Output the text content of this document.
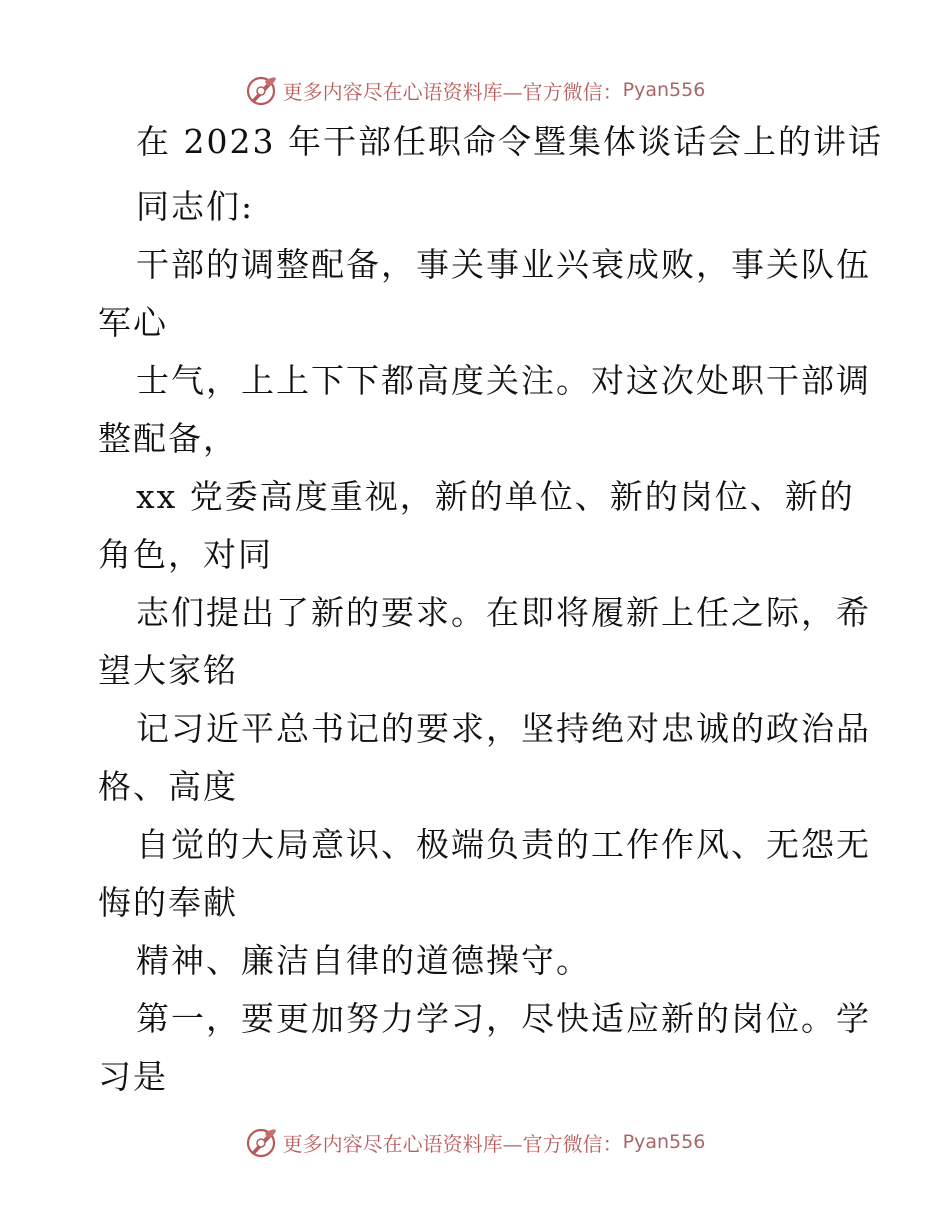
更多内容尽在心语资料库—官方微信： Pyan556
在 2023 年干部任职命令暨集体谈话会上的讲话
同志们:
干部的调整配备，事关事业兴衰成败，事关队伍
军心
士气，上上下下都高度关注。对这次处职干部调
整配备，
xx 党委高度重视，新的单位、新的岗位、新的
角色，对同
志们提出了新的要求。在即将履新上任之际，希
望大家铭
记习近平总书记的要求，坚持绝对忠诚的政治品
格、高度
自觉的大局意识、极端负责的工作作风、无怨无
悔的奉献
精神、廉洁自律的道德操守。
第一，要更加努力学习，尽快适应新的岗位。学
习是
更多内容尽在心语资料库—官方微信： Pyan556
